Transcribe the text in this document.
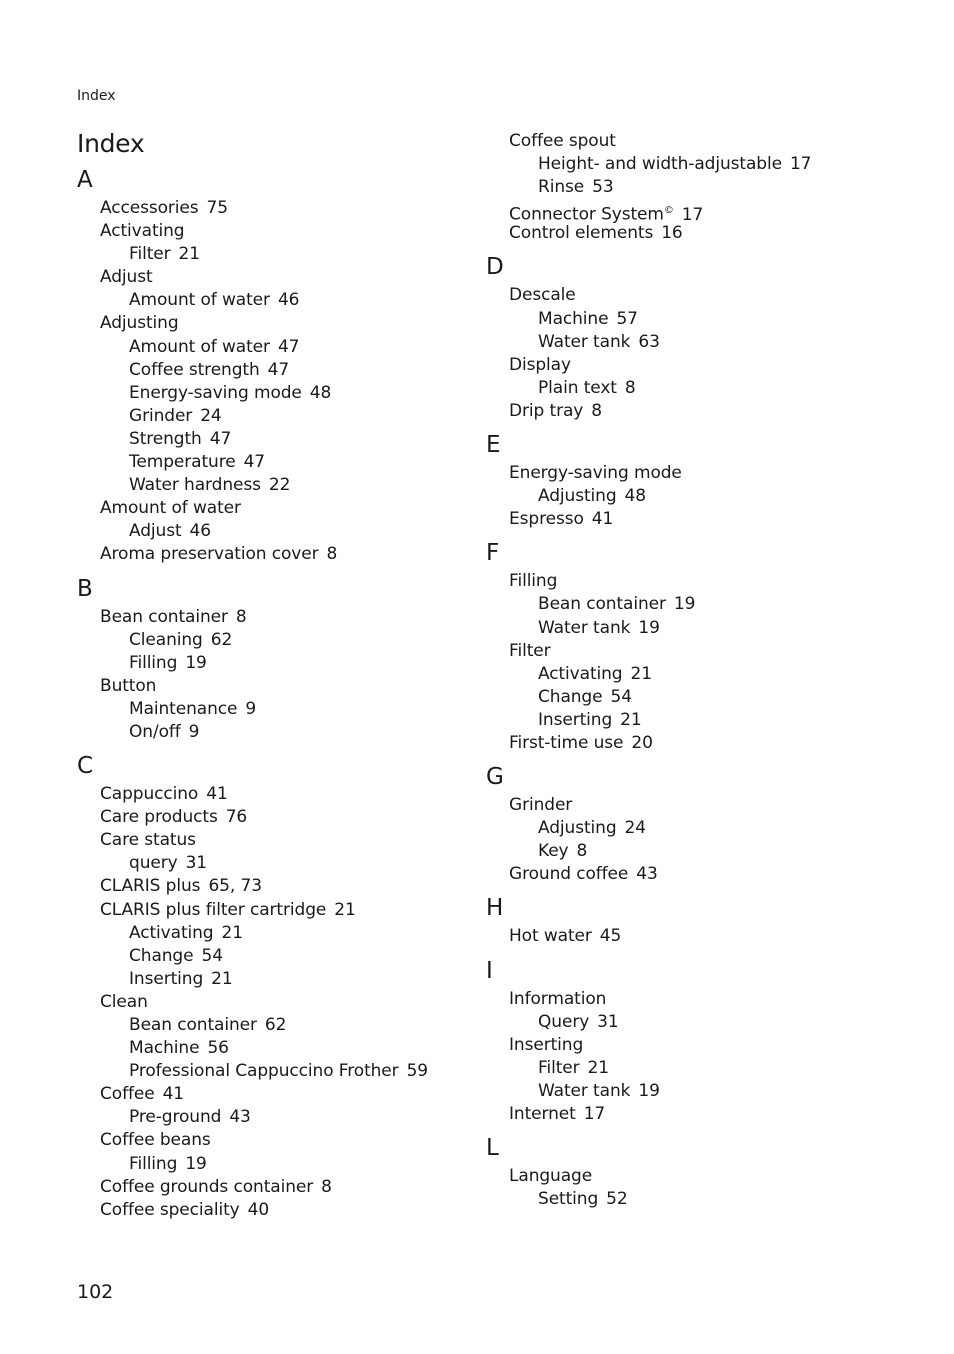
Index
Index
A
Accessories 75
Activating
Filter 21
Adjust
Amount of water 46
Adjusting
Amount of water 47
Coffee strength 47
Energy-saving mode 48
Grinder 24
Strength 47
Temperature 47
Water hardness 22
Amount of water
Adjust 46
Aroma preservation cover 8
B
Bean container 8
Cleaning 62
Filling 19
Button
Maintenance 9
On/off 9
C
Cappuccino 41
Care products 76
Care status
query 31
CLARIS plus 65, 73
CLARIS plus filter cartridge 21
Activating 21
Change 54
Inserting 21
Clean
Bean container 62
Machine 56
Professional Cappuccino Frother 59
Coffee 41
Pre-ground 43
Coffee beans
Filling 19
Coffee grounds container 8
Coffee speciality 40
Coffee spout
Height- and width-adjustable 17
Rinse 53
Connector System© 17
Control elements 16
D
Descale
Machine 57
Water tank 63
Display
Plain text 8
Drip tray 8
E
Energy-saving mode
Adjusting 48
Espresso 41
F
Filling
Bean container 19
Water tank 19
Filter
Activating 21
Change 54
Inserting 21
First-time use 20
G
Grinder
Adjusting 24
Key 8
Ground coffee 43
H
Hot water 45
I
Information
Query 31
Inserting
Filter 21
Water tank 19
Internet 17
L
Language
Setting 52
102
